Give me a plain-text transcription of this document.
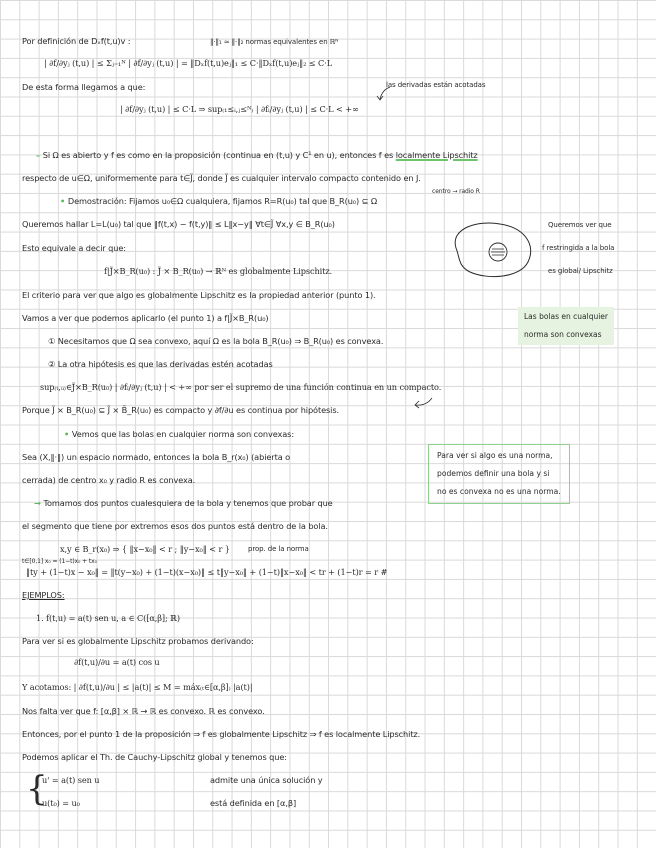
Por definición de Dₓf(t,u)v :	‖·‖₁ ≈ ‖·‖₂ normas equivalentes en ℝᴺ
| ∂f/∂yⱼ (t,u) | ≤ Σⱼ₌₁ᴺ | ∂f/∂yⱼ (t,u) | = ‖Dₓf(t,u)eⱼ‖₁ ≤ C·‖Dₓf(t,u)eⱼ‖₂ ≤ C·L
De esta forma llegamos a que:	las derivadas están acotadas
| ∂f/∂yⱼ (t,u) | ≤ C·L ⇒ sup₍₁≤ᵢ,ⱼ≤ᴺ₎ | ∂fᵢ/∂yⱼ (t,u) | ≤ C·L < +∞
– Si Ω es abierto y f es como en la proposición (continua en (t,u) y C¹ en u), entonces f es localmente Lipschitz
respecto de u∈Ω, uniformemente para t∈J̃, donde J̃ es cualquier intervalo compacto contenido en J.
centro → radio R
• Demostración: Fijamos u₀∈Ω cualquiera, fijamos R=R(u₀) tal que B_R(u₀) ⊆ Ω
Queremos hallar L=L(u₀) tal que ‖f(t,x) − f(t,y)‖ ≤ L‖x−y‖ ∀t∈J̃ ∀x,y ∈ B_R(u₀)
Esto equivale a decir que:
f|J̃×B_R(u₀) : J̃ × B_R(u₀) → ℝᴺ es globalmente Lipschitz.
Queremos ver que
f restringida a la bola
es global/ Lipschitz
El criterio para ver que algo es globalmente Lipschitz es la propiedad anterior (punto 1).
Vamos a ver que podemos aplicarlo (el punto 1) a f|J̃×B_R(u₀)	Las bolas en cualquier
norma son convexas
① Necesitamos que Ω sea convexo, aquí Ω es la bola B_R(u₀) ⇒ B_R(u₀) es convexa.
② La otra hipótesis es que las derivadas estén acotadas
sup₍ₜ,ᵤ₎∈J̃×B_R(u₀) | ∂fᵢ/∂yⱼ (t,u) | < +∞ por ser el supremo de una función continua en un compacto.
Porque J̃ × B_R(u₀) ⊆ J̃ × B̄_R(u₀) es compacto y ∂f/∂u es continua por hipótesis.
• Vemos que las bolas en cualquier norma son convexas:
Sea (X,‖·‖) un espacio normado, entonces la bola B_r(x₀) (abierta o
cerrada) de centro x₀ y radio R es convexa.
Para ver si algo es una norma,
podemos definir una bola y si
no es convexa no es una norma.
→ Tomamos dos puntos cualesquiera de la bola y tenemos que probar que
el segmento que tiene por extremos esos dos puntos está dentro de la bola.
x,y ∈ B_r(x₀) ⇒ { ‖x−x₀‖ < r ; ‖y−x₀‖ < r }	prop. de la norma
t∈[0,1] x₀ = (1−t)x₀ + tx₀
‖ty + (1−t)x − x₀‖ = ‖t(y−x₀) + (1−t)(x−x₀)‖ ≤ t‖y−x₀‖ + (1−t)‖x−x₀‖ < tr + (1−t)r = r #
EJEMPLOS:
1. f(t,u) = a(t) sen u, a ∈ C([α,β]; ℝ)
Para ver si es globalmente Lipschitz probamos derivando:
∂f(t,u)/∂u = a(t) cos u
Y acotamos: | ∂f(t,u)/∂u | ≤ |a(t)| ≤ M = máx₍ₜ∈[α,β]₎ |a(t)|
Nos falta ver que f: [α,β] × ℝ → ℝ es convexo. ℝ es convexo.
Entonces, por el punto 1 de la proposición ⇒ f es globalmente Lipschitz ⇒ f es localmente Lipschitz.
Podemos aplicar el Th. de Cauchy-Lipschitz global y tenemos que:
{
u' = a(t) sen u	admite una única solución y
u(t₀) = u₀	está definida en [α,β]
